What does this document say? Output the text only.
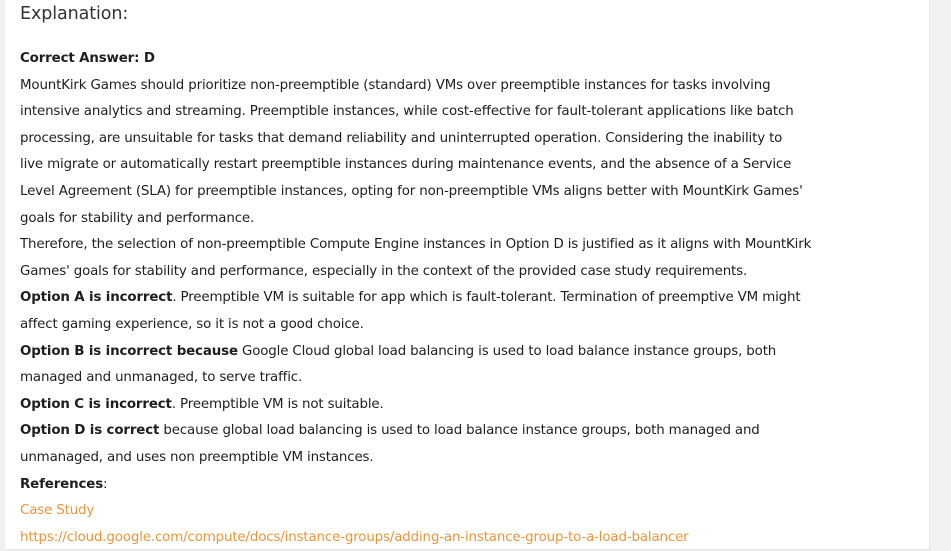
Explanation:
Correct Answer: D
MountKirk Games should prioritize non-preemptible (standard) VMs over preemptible instances for tasks involving
intensive analytics and streaming. Preemptible instances, while cost-effective for fault-tolerant applications like batch
processing, are unsuitable for tasks that demand reliability and uninterrupted operation. Considering the inability to
live migrate or automatically restart preemptible instances during maintenance events, and the absence of a Service
Level Agreement (SLA) for preemptible instances, opting for non-preemptible VMs aligns better with MountKirk Games'
goals for stability and performance.
Therefore, the selection of non-preemptible Compute Engine instances in Option D is justified as it aligns with MountKirk
Games' goals for stability and performance, especially in the context of the provided case study requirements.
Option A is incorrect. Preemptible VM is suitable for app which is fault-tolerant. Termination of preemptive VM might
affect gaming experience, so it is not a good choice.
Option B is incorrect because Google Cloud global load balancing is used to load balance instance groups, both
managed and unmanaged, to serve traffic.
Option C is incorrect. Preemptible VM is not suitable.
Option D is correct because global load balancing is used to load balance instance groups, both managed and
unmanaged, and uses non preemptible VM instances.
References:
Case Study
https://cloud.google.com/compute/docs/instance-groups/adding-an-instance-group-to-a-load-balancer
